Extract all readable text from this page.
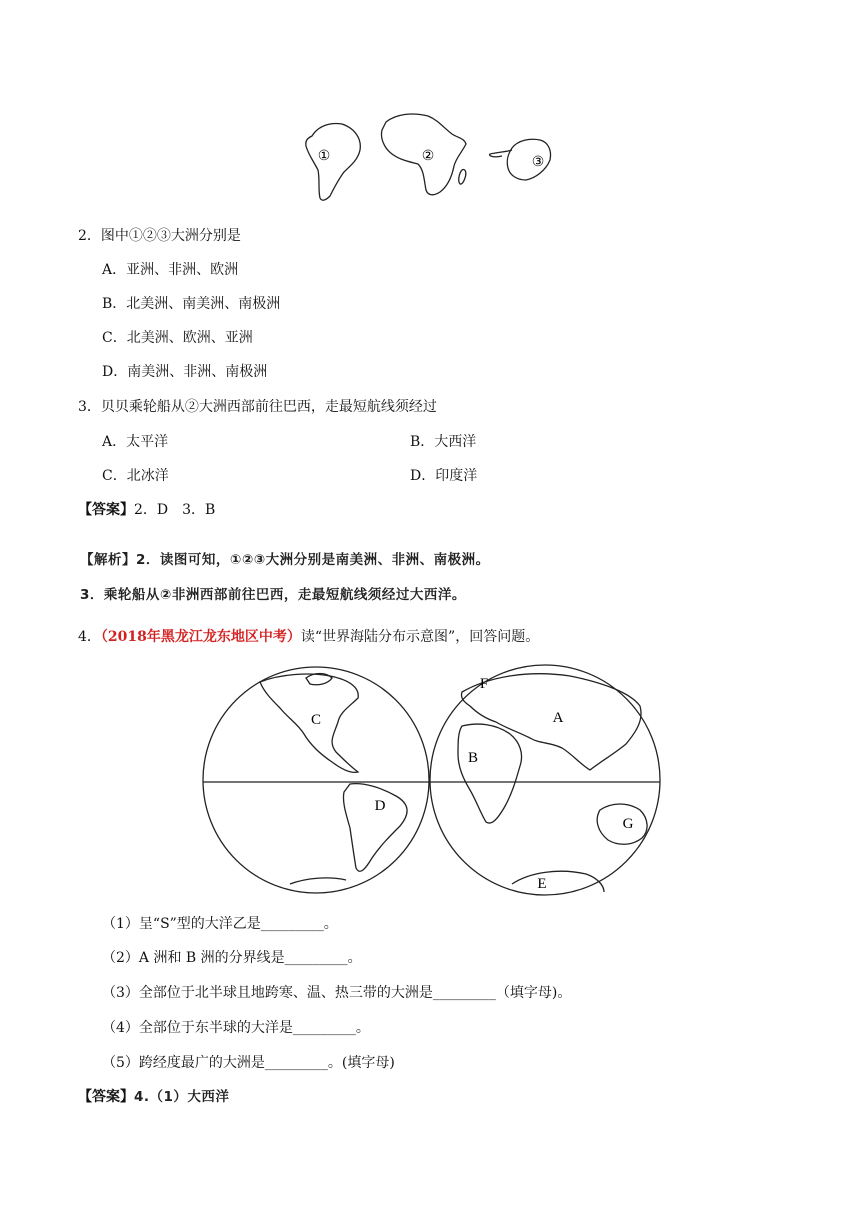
①	②	③
2．图中①②③大洲分别是
A．亚洲、非洲、欧洲
B．北美洲、南美洲、南极洲
C．北美洲、欧洲、亚洲
D．南美洲、非洲、南极洲
3．贝贝乘轮船从②大洲西部前往巴西，走最短航线须经过
A．太平洋	B．大西洋
C．北冰洋	D．印度洋
【答案】2．D　3．B
【解析】2．读图可知，①②③大洲分别是南美洲、非洲、南极洲。
3．乘轮船从②非洲西部前往巴西，走最短航线须经过大西洋。
4．（2018年黑龙江龙东地区中考）读“世界海陆分布示意图”，回答问题。
C
D
A
B
F
G
E
（1）呈“S”型的大洋乙是_________。
（2）A 洲和 B 洲的分界线是_________。
（3）全部位于北半球且地跨寒、温、热三带的大洲是_________（填字母)。
（4）全部位于东半球的大洋是_________。
（5）跨经度最广的大洲是_________。(填字母)
【答案】4.（1）大西洋
